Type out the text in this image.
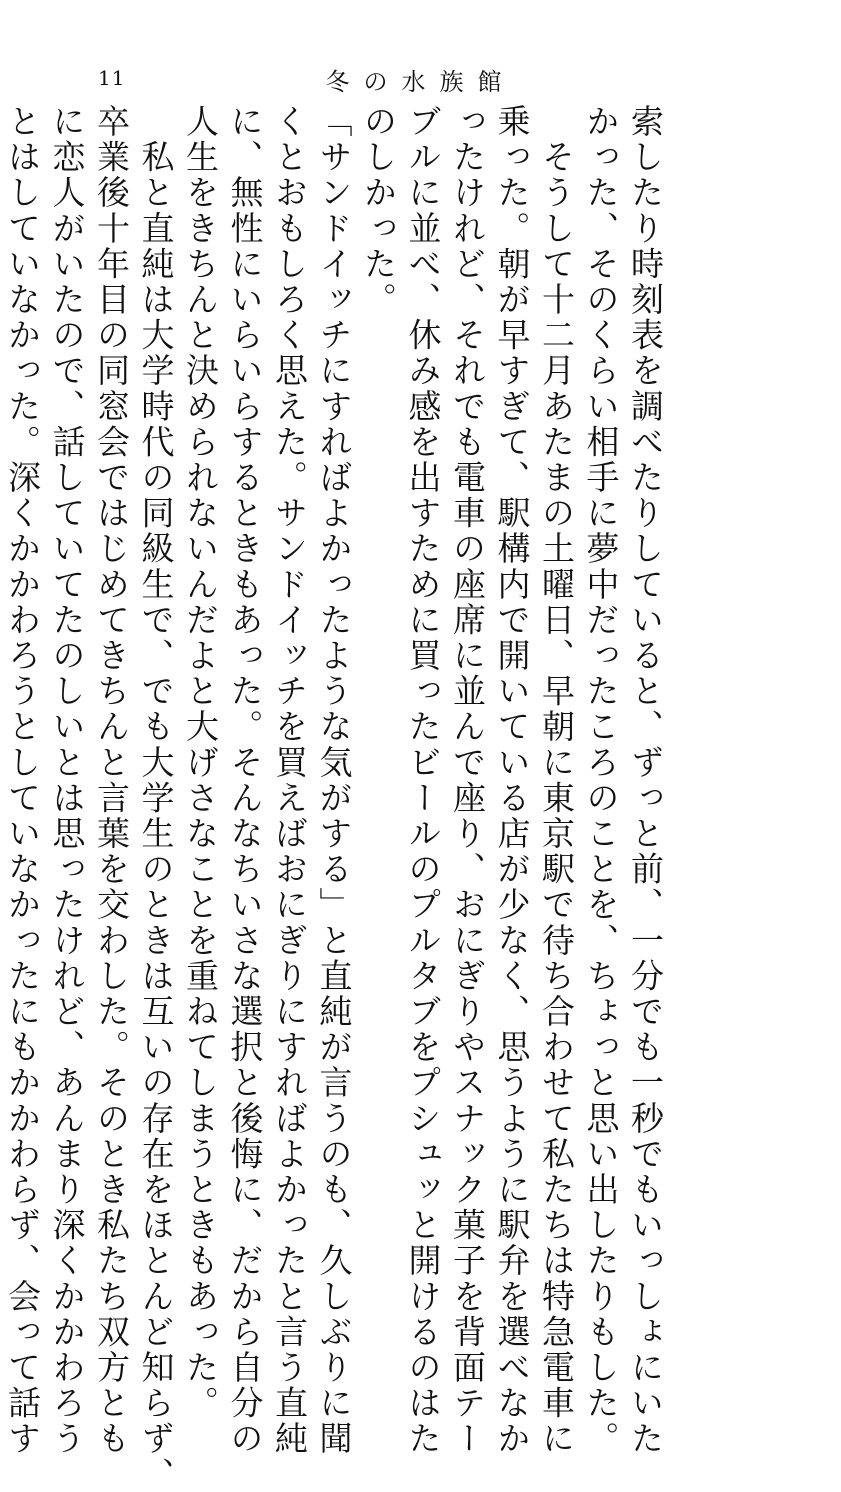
11	冬の水族館

索したり時刻表を調べたりしていると、ずっと前、一分でも一秒でもいっしょにいた
かった、そのくらい相手に夢中だったころのことを、ちょっと思い出したりもした。
　そうして十二月あたまの土曜日、早朝に東京駅で待ち合わせて私たちは特急電車に
乗った。朝が早すぎて、駅構内で開いている店が少なく、思うように駅弁を選べなか
ったけれど、それでも電車の座席に並んで座り、おにぎりやスナック菓子を背面テー
ブルに並べ、休み感を出すために買ったビールのプルタブをプシュッと開けるのはた
のしかった。
「サンドイッチにすればよかったような気がする」と直純が言うのも、久しぶりに聞
くとおもしろく思えた。サンドイッチを買えばおにぎりにすればよかったと言う直純
に、無性にいらいらするときもあった。そんなちいさな選択と後悔に、だから自分の
人生をきちんと決められないんだよと大げさなことを重ねてしまうときもあった。
　私と直純は大学時代の同級生で、でも大学生のときは互いの存在をほとんど知らず、
卒業後十年目の同窓会ではじめてきちんと言葉を交わした。そのとき私たち双方とも
に恋人がいたので、話していてたのしいとは思ったけれど、あんまり深くかかわろう
とはしていなかった。深くかかわろうとしていなかったにもかかわらず、会って話す
